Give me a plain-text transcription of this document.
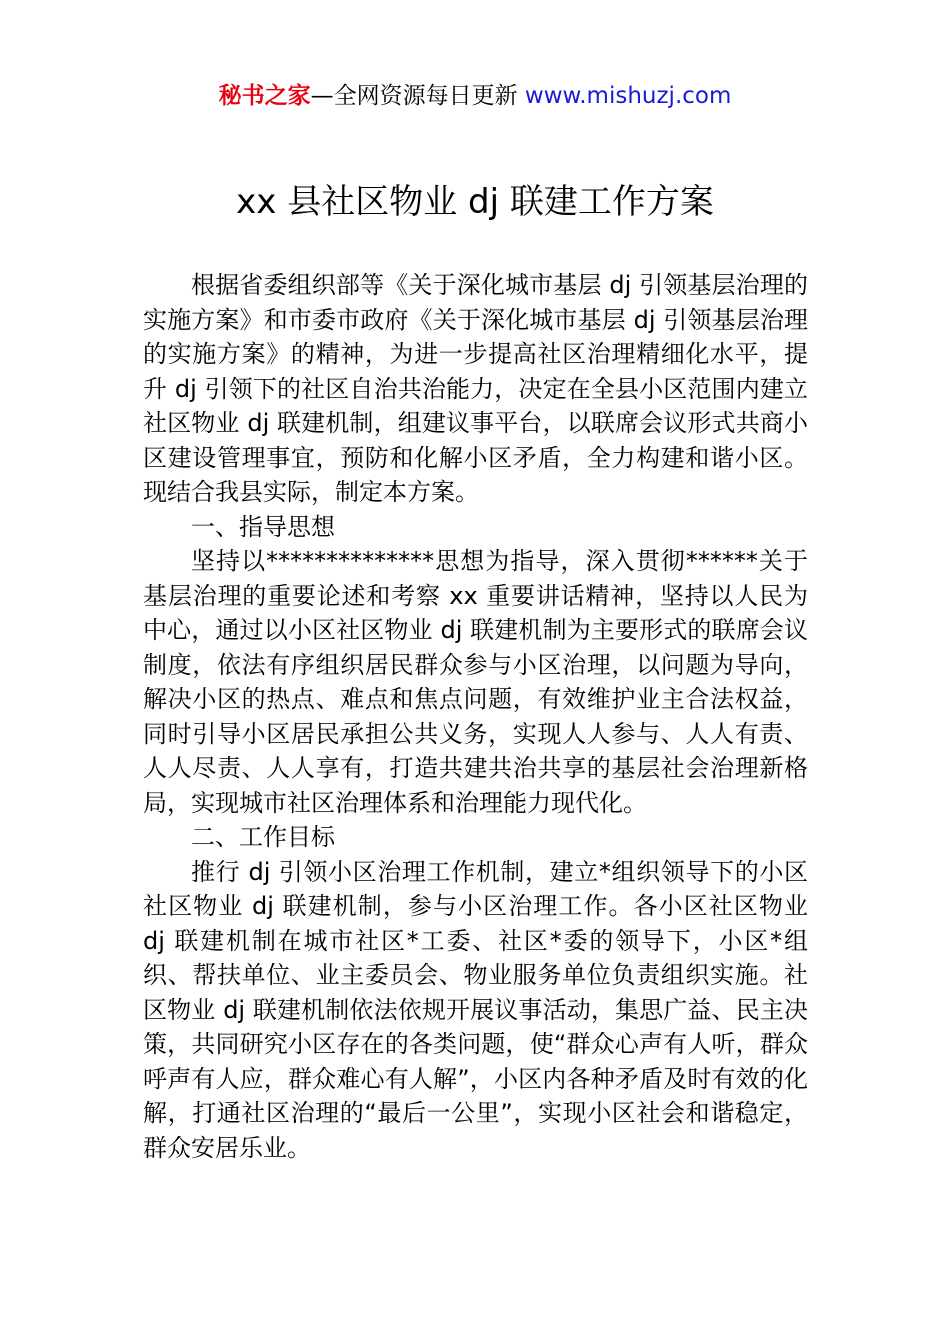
秘书之家—全网资源每日更新 www.mishuzj.com
xx 县社区物业 dj 联建工作方案

根据省委组织部等《关于深化城市基层 dj 引领基层治理的实施方案》和市委市政府《关于深化城市基层 dj 引领基层治理的实施方案》的精神，为进一步提高社区治理精细化水平，提升 dj 引领下的社区自治共治能力，决定在全县小区范围内建立社区物业 dj 联建机制，组建议事平台，以联席会议形式共商小区建设管理事宜，预防和化解小区矛盾，全力构建和谐小区。现结合我县实际，制定本方案。

一、指导思想

坚持以**************思想为指导，深入贯彻******关于基层治理的重要论述和考察 xx 重要讲话精神，坚持以人民为中心，通过以小区社区物业 dj 联建机制为主要形式的联席会议制度，依法有序组织居民群众参与小区治理，以问题为导向，解决小区的热点、难点和焦点问题，有效维护业主合法权益，同时引导小区居民承担公共义务，实现人人参与、人人有责、人人尽责、人人享有，打造共建共治共享的基层社会治理新格局，实现城市社区治理体系和治理能力现代化。

二、工作目标

推行 dj 引领小区治理工作机制，建立*组织领导下的小区社区物业 dj 联建机制，参与小区治理工作。各小区社区物业 dj 联建机制在城市社区*工委、社区*委的领导下，小区*组织、帮扶单位、业主委员会、物业服务单位负责组织实施。社区物业 dj 联建机制依法依规开展议事活动，集思广益、民主决策，共同研究小区存在的各类问题，使“群众心声有人听，群众呼声有人应，群众难心有人解”，小区内各种矛盾及时有效的化解，打通社区治理的“最后一公里”，实现小区社会和谐稳定，群众安居乐业。
